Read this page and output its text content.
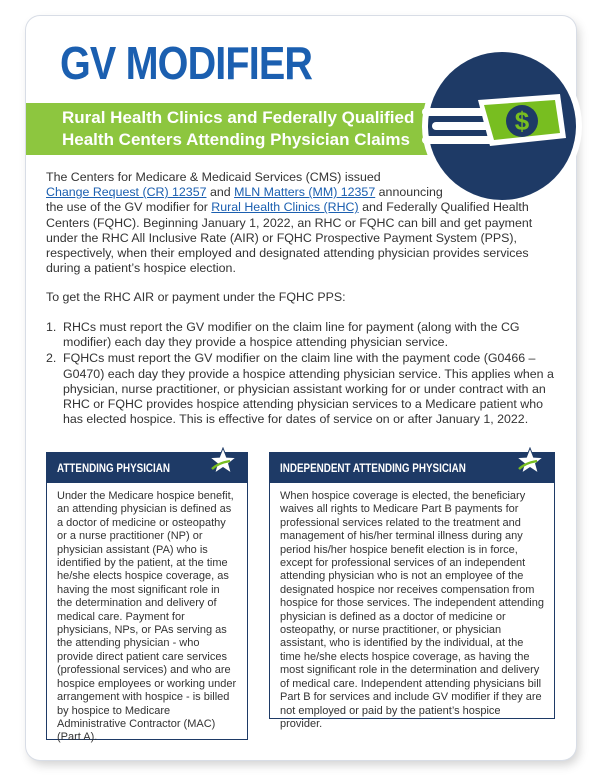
GV MODIFIER
Rural Health Clinics and Federally Qualified
Health Centers Attending Physician Claims
$

The Centers for Medicare & Medicaid Services (CMS) issued
Change Request (CR) 12357 and MLN Matters (MM) 12357 announcing
the use of the GV modifier for Rural Health Clinics (RHC) and Federally Qualified Health Centers (FQHC). Beginning January 1, 2022, an RHC or FQHC can bill and get payment under the RHC All Inclusive Rate (AIR) or FQHC Prospective Payment System (PPS), respectively, when their employed and designated attending physician provides services during a patient’s hospice election.

To get the RHC AIR or payment under the FQHC PPS:

1. RHCs must report the GV modifier on the claim line for payment (along with the CG modifier) each day they provide a hospice attending physician service.
2. FQHCs must report the GV modifier on the claim line with the payment code (G0466 – G0470) each day they provide a hospice attending physician service. This applies when a physician, nurse practitioner, or physician assistant working for or under contract with an RHC or FQHC provides hospice attending physician services to a Medicare patient who has elected hospice. This is effective for dates of service on or after January 1, 2022.
ATTENDING PHYSICIAN
Under the Medicare hospice benefit, an attending physician is defined as a doctor of medicine or osteopathy or a nurse practitioner (NP) or physician assistant (PA) who is identified by the patient, at the time he/she elects hospice coverage, as having the most significant role in the determination and delivery of medical care. Payment for physicians, NPs, or PAs serving as the attending physician - who provide direct patient care services (professional services) and who are hospice employees or working under arrangement with hospice - is billed by hospice to Medicare Administrative Contractor (MAC) (Part A).
INDEPENDENT ATTENDING PHYSICIAN
When hospice coverage is elected, the beneficiary waives all rights to Medicare Part B payments for professional services related to the treatment and management of his/her terminal illness during any period his/her hospice benefit election is in force, except for professional services of an independent attending physician who is not an employee of the designated hospice nor receives compensation from hospice for those services. The independent attending physician is defined as a doctor of medicine or osteopathy, or nurse practitioner, or physician assistant, who is identified by the individual, at the time he/she elects hospice coverage, as having the most significant role in the determination and delivery of medical care. Independent attending physicians bill Part B for services and include GV modifier if they are not employed or paid by the patient’s hospice provider.
